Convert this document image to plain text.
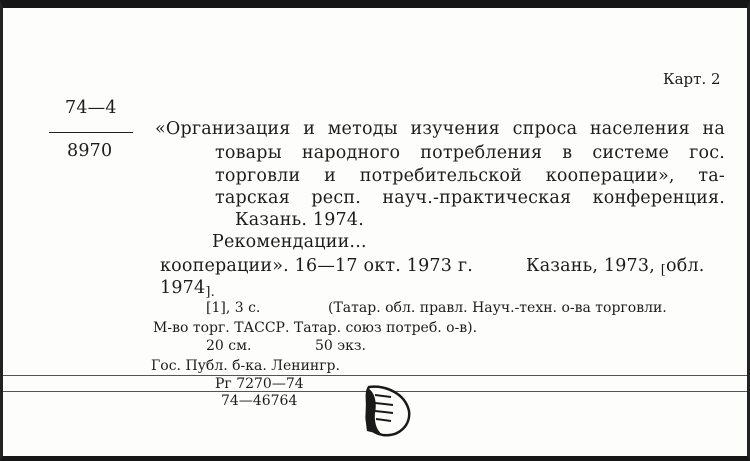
Карт. 2
74—4
8970
«Организация и методы изучения спроса населения на
товары народного потребления в системе гос.
торговли и потребительской кооперации», та-
тарская респ. науч.-практическая конференция.
Казань. 1974.
Рекомендации...
кооперации». 16—17 окт. 1973 г.	Казань, 1973, [обл.
1974].
[1], 3 с.	(Татар. обл. правл. Науч.-техн. о-ва торговли.
М-во торг. ТАССР. Татар. союз потреб. о-в).
20 см.	50 экз.
Гос. Публ. б-ка. Ленингр.
Рг 7270—74
74—46764
